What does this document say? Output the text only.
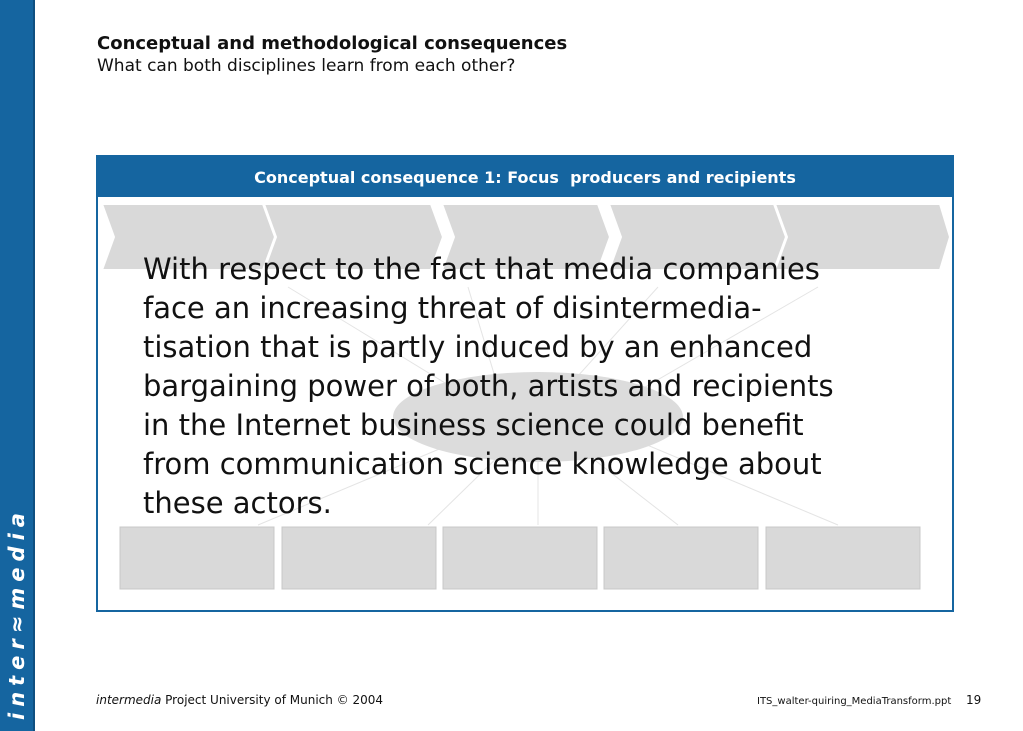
inter≈media
Conceptual and methodological consequences
What can both disciplines learn from each other?
Conceptual consequence 1: Focus  producers and recipients
With respect to the fact that media companies
face an increasing threat of disintermedia-
tisation that is partly induced by an enhanced
bargaining power of both, artists and recipients
in the Internet business science could benefit
from communication science knowledge about
these actors.
intermedia Project University of Munich © 2004	ITS_walter-quiring_MediaTransform.ppt 19
